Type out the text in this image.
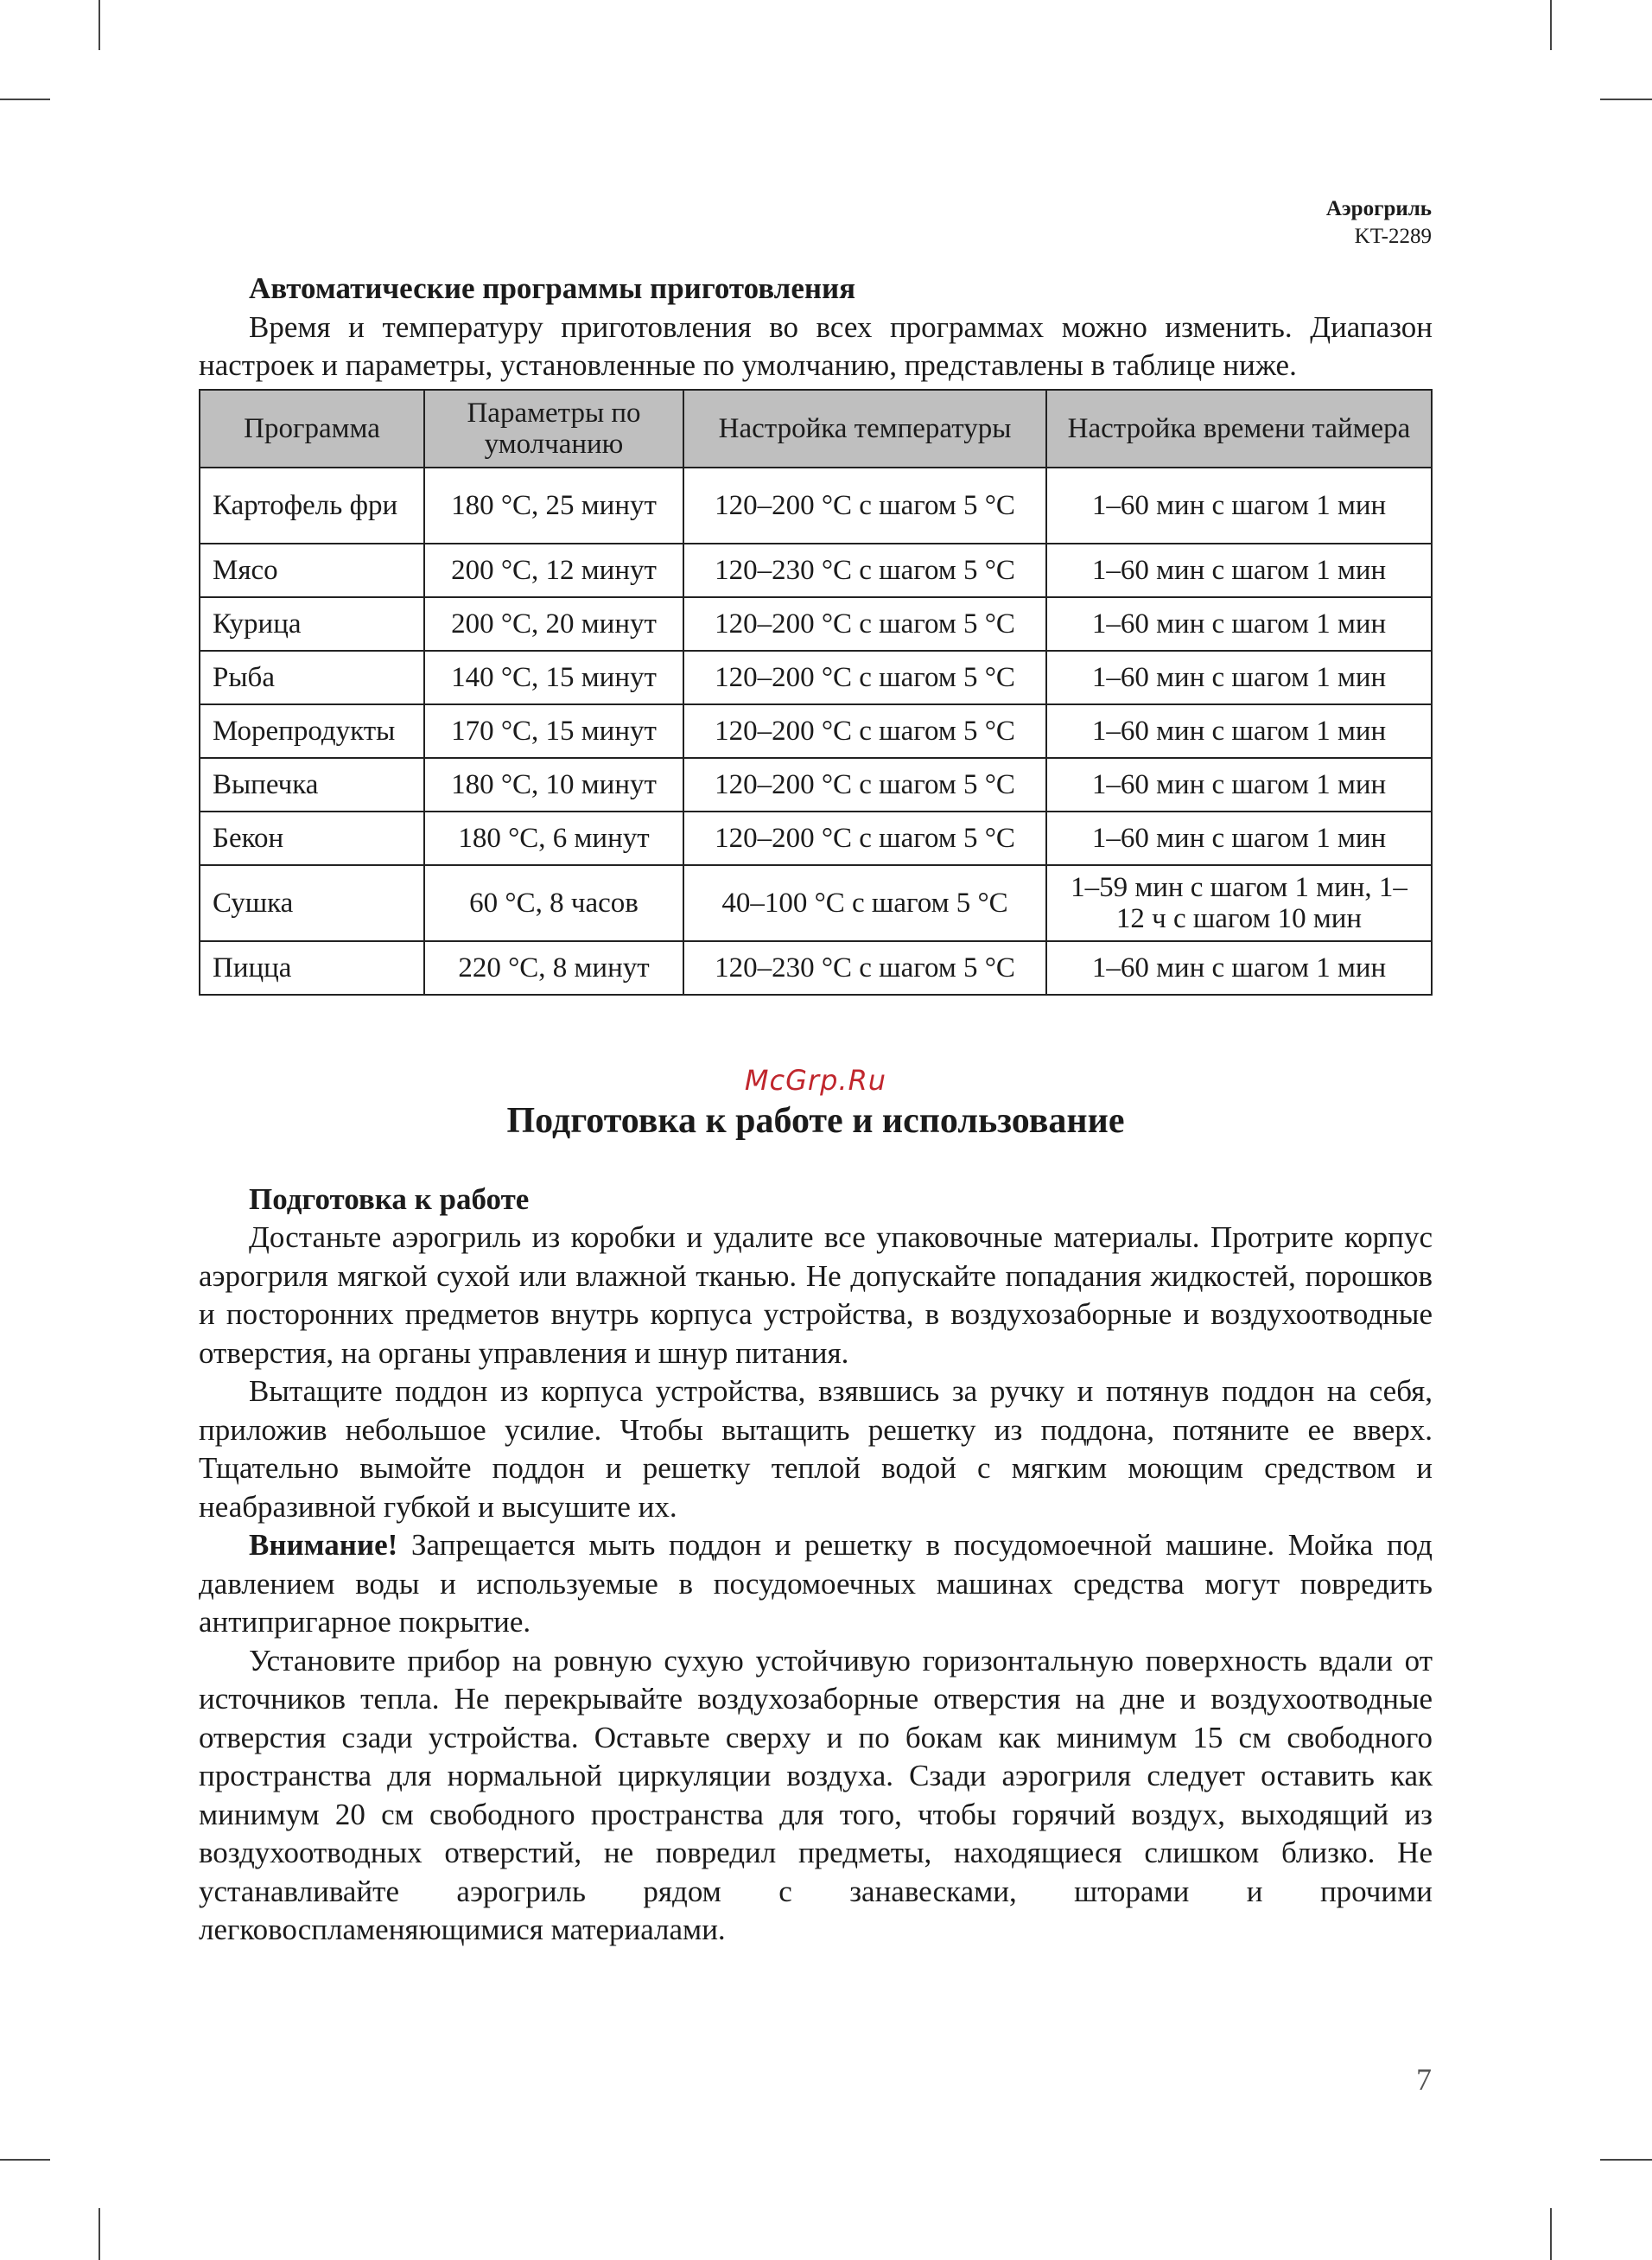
Аэрогриль
KT-2289

Автоматические программы приготовления

Время и температуру приготовления во всех программах можно изменить. Диапазон настроек и параметры, установленные по умолчанию, представлены в таблице ниже.

Программа	Параметры по умолчанию	Настройка температуры	Настройка времени таймера
Картофель фри	180 °C, 25 минут	120–200 °C с шагом 5 °C	1–60 мин с шагом 1 мин
Мясо	200 °C, 12 минут	120–230 °C с шагом 5 °C	1–60 мин с шагом 1 мин
Курица	200 °C, 20 минут	120–200 °C с шагом 5 °C	1–60 мин с шагом 1 мин
Рыба	140 °C, 15 минут	120–200 °C с шагом 5 °C	1–60 мин с шагом 1 мин
Морепродукты	170 °C, 15 минут	120–200 °C с шагом 5 °C	1–60 мин с шагом 1 мин
Выпечка	180 °C, 10 минут	120–200 °C с шагом 5 °C	1–60 мин с шагом 1 мин
Бекон	180 °C, 6 минут	120–200 °C с шагом 5 °C	1–60 мин с шагом 1 мин
Сушка	60 °C, 8 часов	40–100 °C с шагом 5 °C	1–59 мин с шагом 1 мин, 1–12 ч с шагом 10 мин
Пицца	220 °C, 8 минут	120–230 °C с шагом 5 °C	1–60 мин с шагом 1 мин
McGrp.Ru

Подготовка к работе и использование

Подготовка к работе

Достаньте аэрогриль из коробки и удалите все упаковочные материалы. Протрите корпус аэрогриля мягкой сухой или влажной тканью. Не допускайте попадания жидкостей, порошков и посторонних предметов внутрь корпуса устройства, в воздухозаборные и воздухоотводные отверстия, на органы управления и шнур питания.

Вытащите поддон из корпуса устройства, взявшись за ручку и потянув поддон на себя, приложив небольшое усилие. Чтобы вытащить решетку из поддона, потяните ее вверх. Тщательно вымойте поддон и решетку теплой водой с мягким моющим средством и неабразивной губкой и высушите их.

Внимание! Запрещается мыть поддон и решетку в посудомоечной машине. Мойка под давлением воды и используемые в посудомоечных машинах средства могут повредить антипригарное покрытие.

Установите прибор на ровную сухую устойчивую горизонтальную поверхность вдали от источников тепла. Не перекрывайте воздухозаборные отверстия на дне и воздухоотводные отверстия сзади устройства. Оставьте сверху и по бокам как минимум 15 см свободного пространства для нормальной циркуляции воздуха. Сзади аэрогриля следует оставить как минимум 20 см свободного пространства для того, чтобы горячий воздух, выходящий из воздухоотводных отверстий, не повредил предметы, находящиеся слишком близко. Не устанавливайте аэрогриль рядом с занавесками, шторами и прочими легковоспламеняющимися материалами.

7
